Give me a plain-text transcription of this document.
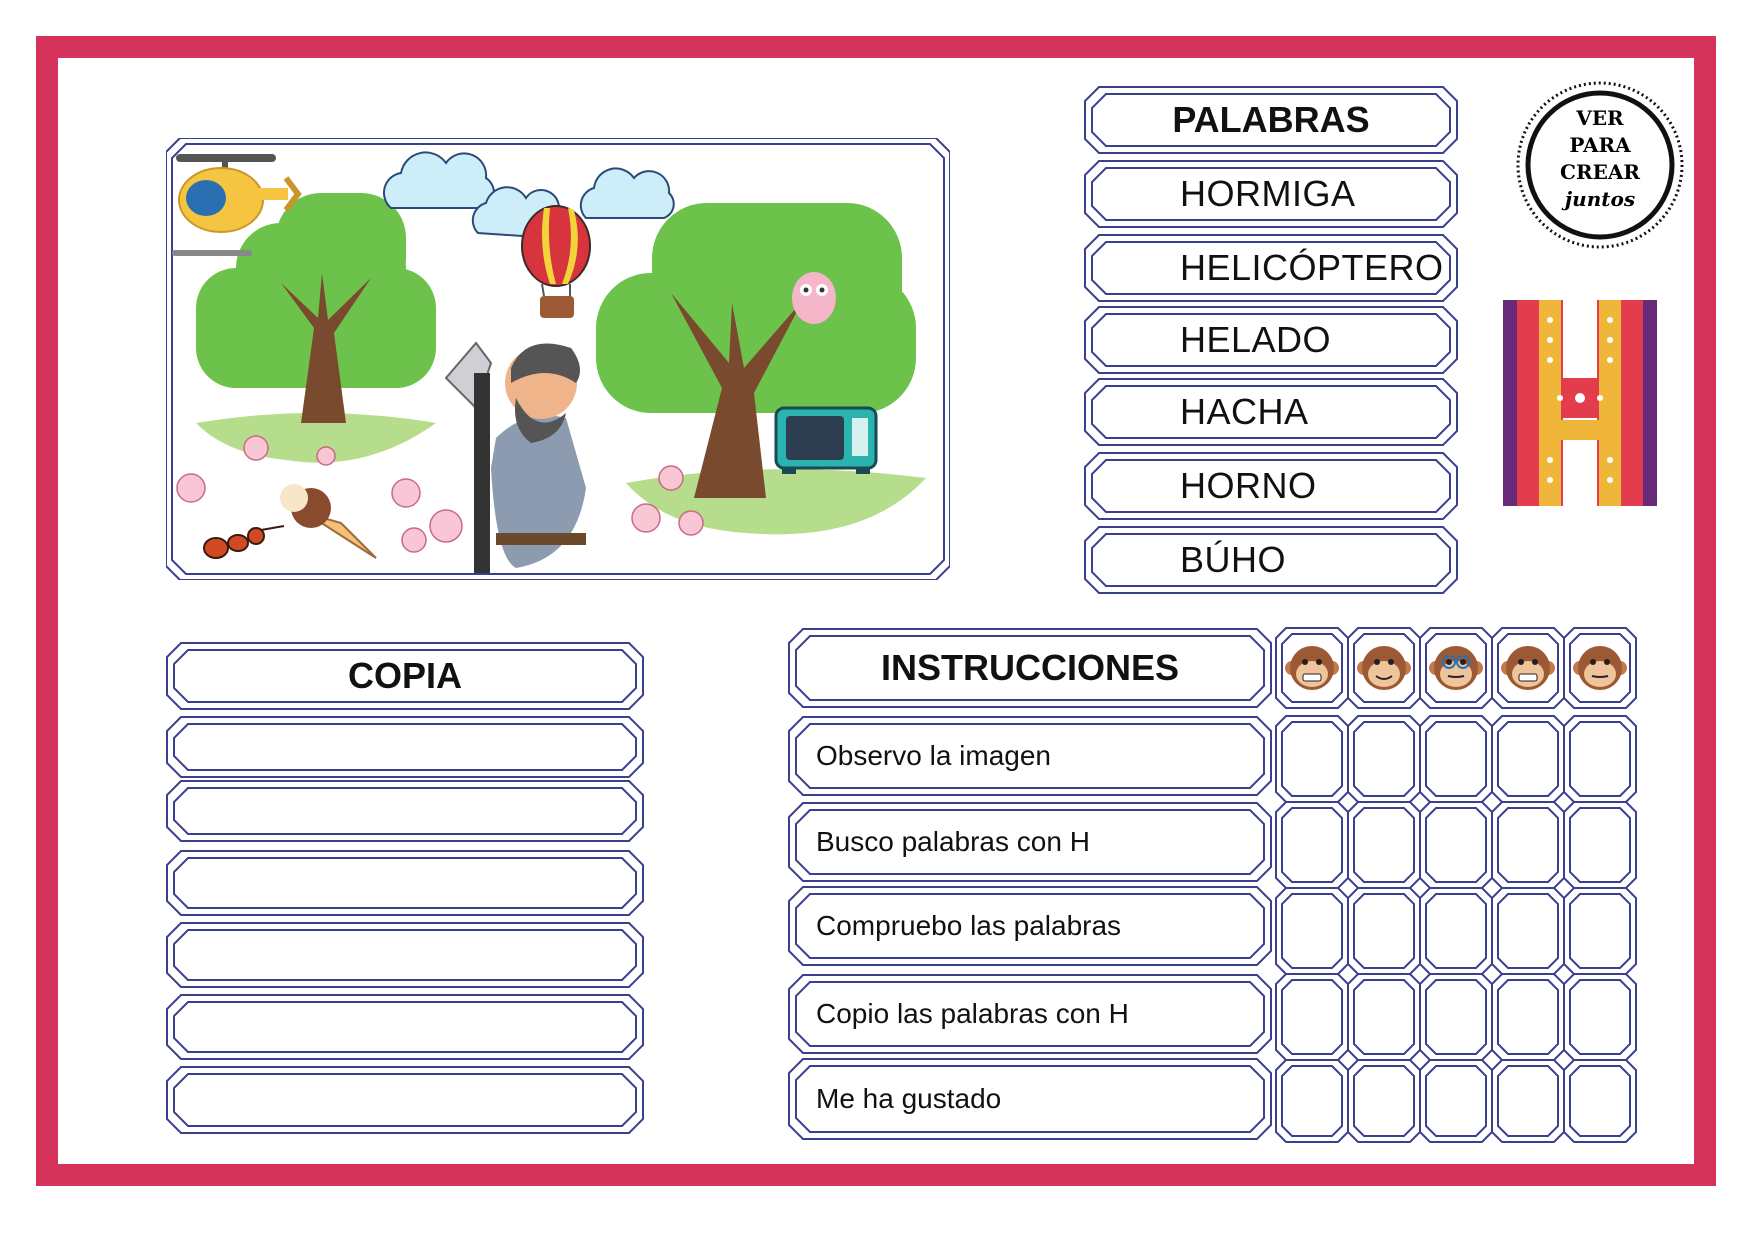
VER
PARA
CREAR
juntos
PALABRAS
HORMIGA
HELICÓPTERO
HELADO
HACHA
HORNO
BÚHO
COPIA	INSTRUCCIONES
Observo la imagen
Busco palabras con H
Compruebo las palabras
Copio las palabras con H
Me ha gustado
